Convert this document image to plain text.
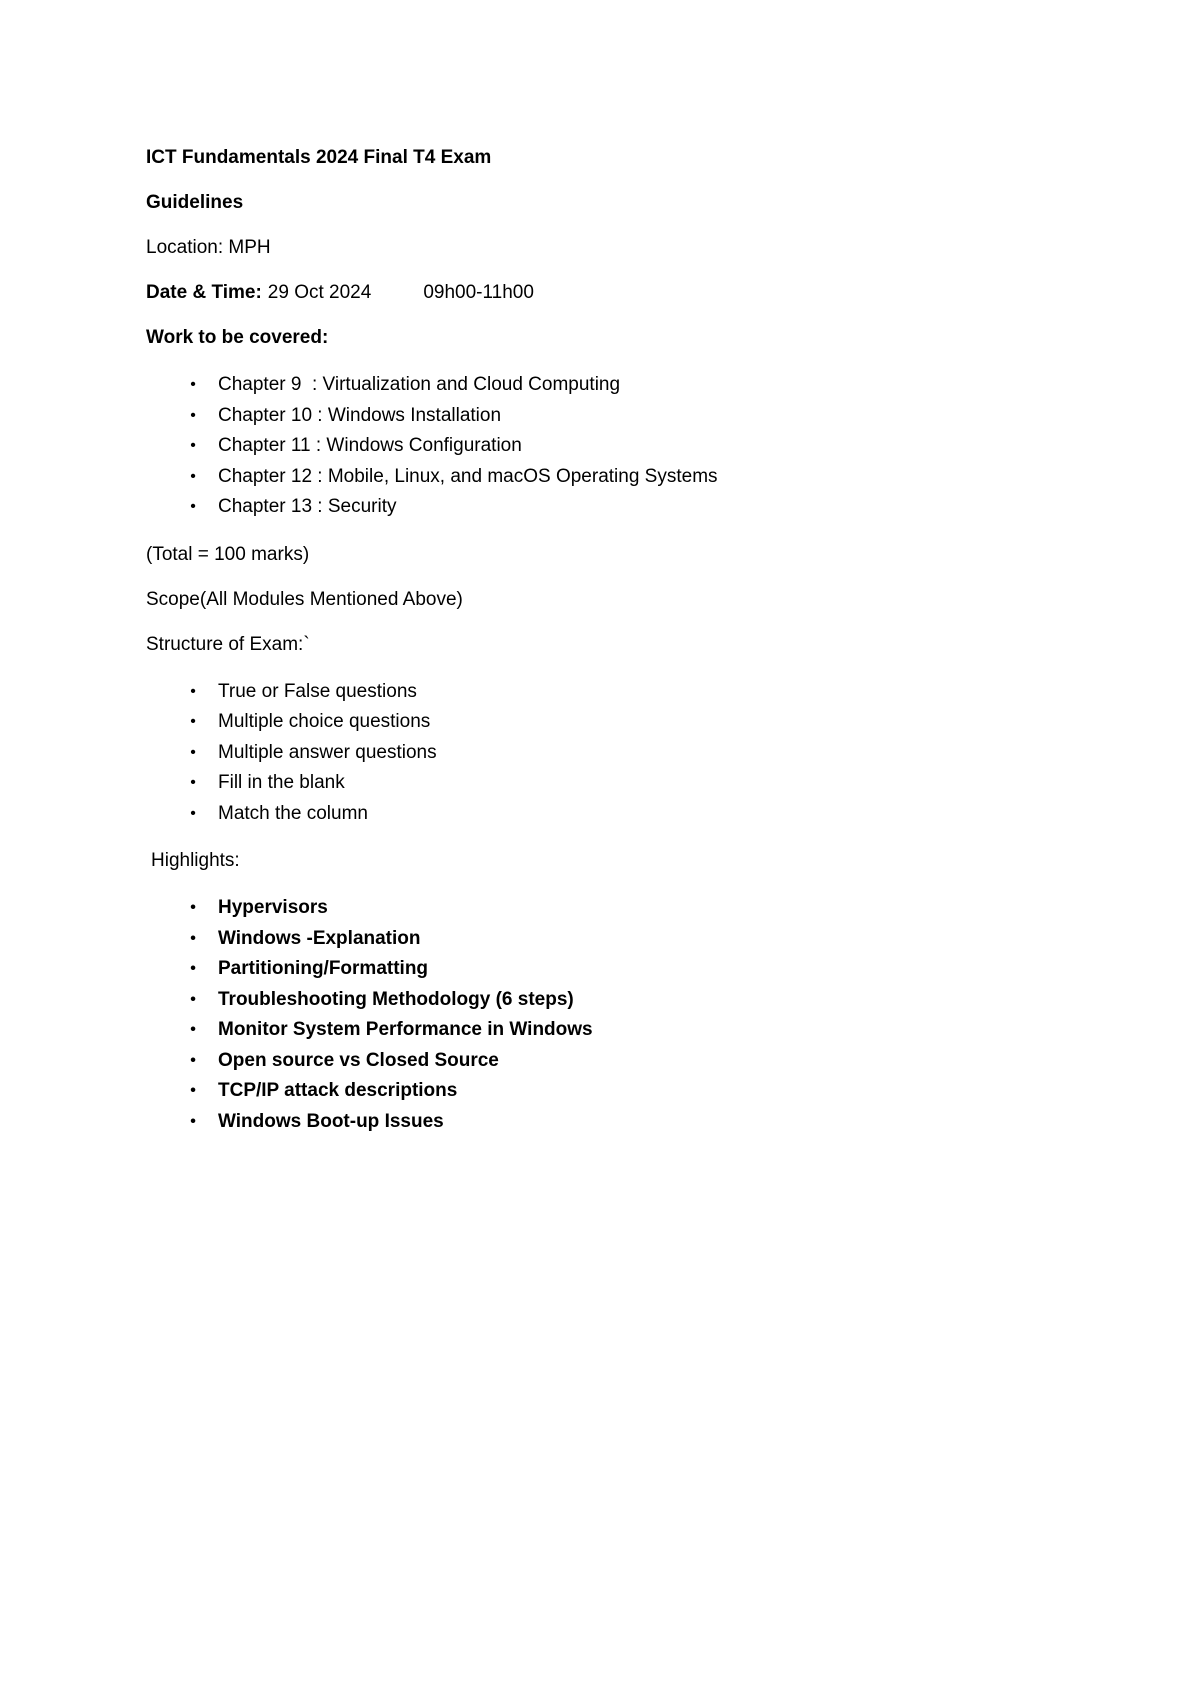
ICT Fundamentals 2024 Final T4 Exam

Guidelines

Location: MPH

Date & Time: 29 Oct 2024	09h00-11h00

Work to be covered:

• Chapter 9  : Virtualization and Cloud Computing
• Chapter 10 : Windows Installation
• Chapter 11 : Windows Configuration
• Chapter 12 : Mobile, Linux, and macOS Operating Systems
• Chapter 13 : Security

(Total = 100 marks)

Scope(All Modules Mentioned Above)

Structure of Exam:`

• True or False questions
• Multiple choice questions
• Multiple answer questions
• Fill in the blank
• Match the column

Highlights:

• Hypervisors
• Windows -Explanation
• Partitioning/Formatting
• Troubleshooting Methodology (6 steps)
• Monitor System Performance in Windows
• Open source vs Closed Source
• TCP/IP attack descriptions
• Windows Boot-up Issues
